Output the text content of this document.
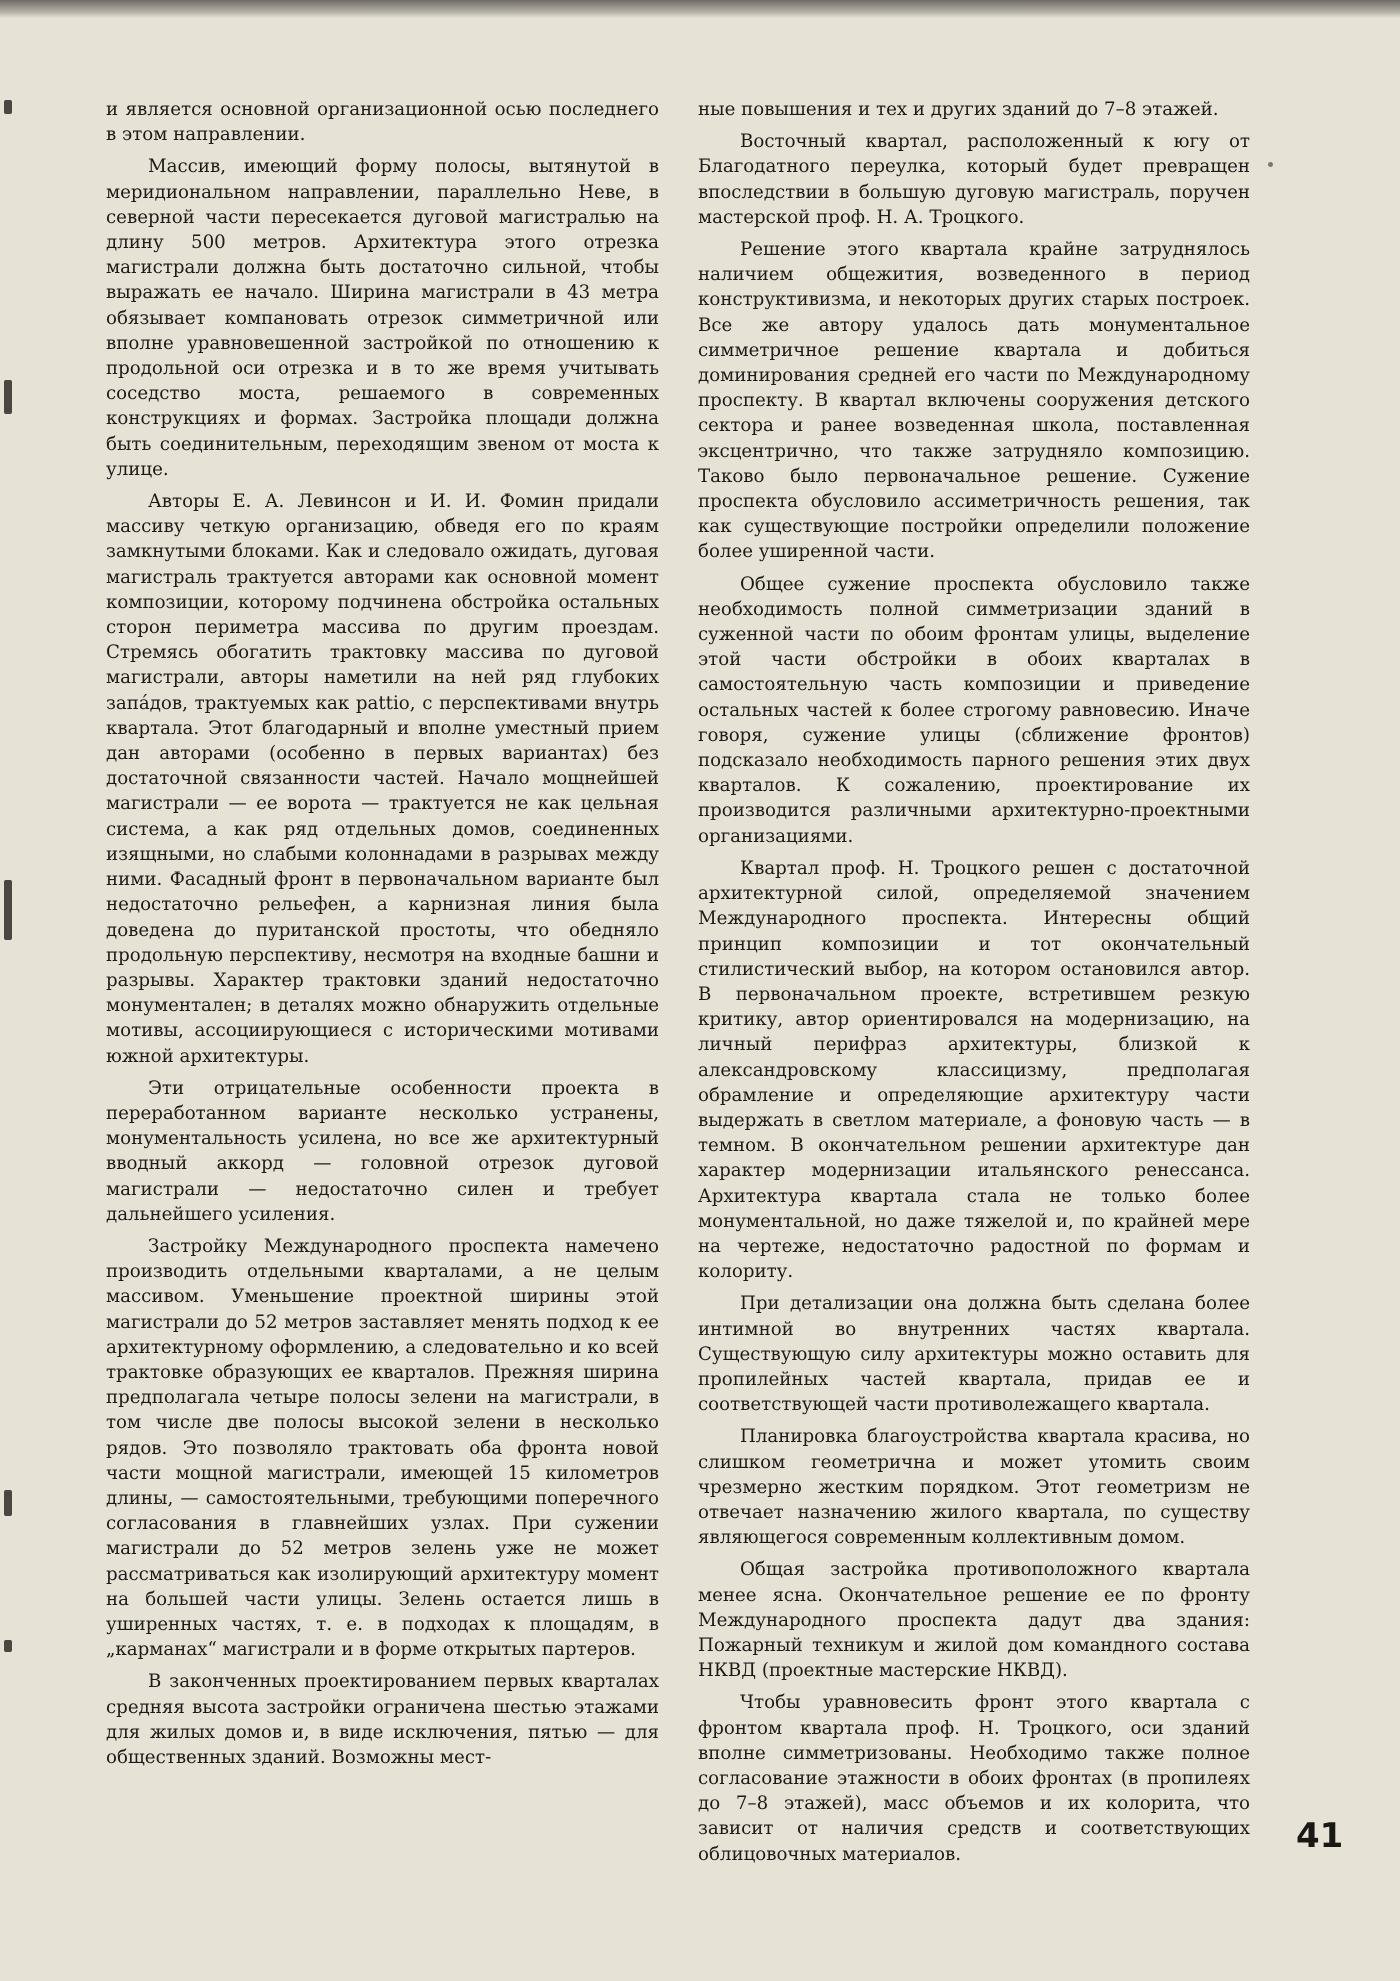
и является основной организационной осью последнего в этом направлении.

Массив, имеющий форму полосы, вытянутой в меридиональном направлении, параллельно Неве, в северной части пересекается дуговой магистралью на длину 500 метров. Архитектура этого отрезка магистрали должна быть достаточно сильной, чтобы выражать ее начало. Ширина магистрали в 43 метра обязывает компановать отрезок симметричной или вполне уравновешенной застройкой по отношению к продольной оси отрезка и в то же время учитывать соседство моста, решаемого в современных конструкциях и формах. Застройка площади должна быть соединительным, переходящим звеном от моста к улице.

Авторы Е. А. Левинсон и И. И. Фомин придали массиву четкую организацию, обведя его по краям замкнутыми блоками. Как и следовало ожидать, дуговая магистраль трактуется авторами как основной момент композиции, которому подчинена обстройка остальных сторон периметра массива по другим проездам. Стремясь обогатить трактовку массива по дуговой магистрали, авторы наметили на ней ряд глубоких запа́дов, трактуемых как pattio, с перспективами внутрь квартала. Этот благодарный и вполне уместный прием дан авторами (особенно в первых вариантах) без достаточной связанности частей. Начало мощнейшей магистрали — ее ворота — трактуется не как цельная система, а как ряд отдельных домов, соединенных изящными, но слабыми колоннадами в разрывах между ними. Фасадный фронт в первоначальном варианте был недостаточно рельефен, а карнизная линия была доведена до пуританской простоты, что обедняло продольную перспективу, несмотря на входные башни и разрывы. Характер трактовки зданий недостаточно монументален; в деталях можно обнаружить отдельные мотивы, ассоциирующиеся с историческими мотивами южной архитектуры.

Эти отрицательные особенности проекта в переработанном варианте несколько устранены, монументальность усилена, но все же архитектурный вводный аккорд — головной отрезок дуговой магистрали — недостаточно силен и требует дальнейшего усиления.

Застройку Международного проспекта намечено производить отдельными кварталами, а не целым массивом. Уменьшение проектной ширины этой магистрали до 52 метров заставляет менять подход к ее архитектурному оформлению, а следовательно и ко всей трактовке образующих ее кварталов. Прежняя ширина предполагала четыре полосы зелени на магистрали, в том числе две полосы высокой зелени в несколько рядов. Это позволяло трактовать оба фронта новой части мощной магистрали, имеющей 15 километров длины, — самостоятельными, требующими поперечного согласования в главнейших узлах. При сужении магистрали до 52 метров зелень уже не может рассматриваться как изолирующий архитектуру момент на большей части улицы. Зелень остается лишь в уширенных частях, т. е. в подходах к площадям, в „карманах“ магистрали и в форме открытых партеров.

В законченных проектированием первых кварталах средняя высота застройки ограничена шестью этажами для жилых домов и, в виде исключения, пятью — для общественных зданий. Возможны мест-

ные повышения и тех и других зданий до 7–8 этажей.

Восточный квартал, расположенный к югу от Благодатного переулка, который будет превращен впоследствии в большую дуговую магистраль, поручен мастерской проф. Н. А. Троцкого.

Решение этого квартала крайне затруднялось наличием общежития, возведенного в период конструктивизма, и некоторых других старых построек. Все же автору удалось дать монументальное симметричное решение квартала и добиться доминирования средней его части по Международному проспекту. В квартал включены сооружения детского сектора и ранее возведенная школа, поставленная эксцентрично, что также затрудняло композицию. Таково было первоначальное решение. Сужение проспекта обусловило ассиметричность решения, так как существующие постройки определили положение более уширенной части.

Общее сужение проспекта обусловило также необходимость полной симметризации зданий в суженной части по обоим фронтам улицы, выделение этой части обстройки в обоих кварталах в самостоятельную часть композиции и приведение остальных частей к более строгому равновесию. Иначе говоря, сужение улицы (сближение фронтов) подсказало необходимость парного решения этих двух кварталов. К сожалению, проектирование их производится различными архитектурно-проектными организациями.

Квартал проф. Н. Троцкого решен с достаточной архитектурной силой, определяемой значением Международного проспекта. Интересны общий принцип композиции и тот окончательный стилистический выбор, на котором остановился автор. В первоначальном проекте, встретившем резкую критику, автор ориентировался на модернизацию, на личный перифраз архитектуры, близкой к александровскому классицизму, предполагая обрамление и определяющие архитектуру части выдержать в светлом материале, а фоновую часть — в темном. В окончательном решении архитектуре дан характер модернизации итальянского ренессанса. Архитектура квартала стала не только более монументальной, но даже тяжелой и, по крайней мере на чертеже, недостаточно радостной по формам и колориту.

При детализации она должна быть сделана более интимной во внутренних частях квартала. Существующую силу архитектуры можно оставить для пропилейных частей квартала, придав ее и соответствующей части противолежащего квартала.

Планировка благоустройства квартала красива, но слишком геометрична и может утомить своим чрезмерно жестким порядком. Этот геометризм не отвечает назначению жилого квартала, по существу являющегося современным коллективным домом.

Общая застройка противоположного квартала менее ясна. Окончательное решение ее по фронту Международного проспекта дадут два здания: Пожарный техникум и жилой дом командного состава НКВД (проектные мастерские НКВД).

Чтобы уравновесить фронт этого квартала с фронтом квартала проф. Н. Троцкого, оси зданий вполне симметризованы. Необходимо также полное согласование этажности в обоих фронтах (в пропилеях до 7–8 этажей), масс объемов и их колорита, что зависит от наличия средств и соответствующих облицовочных материалов.	41
